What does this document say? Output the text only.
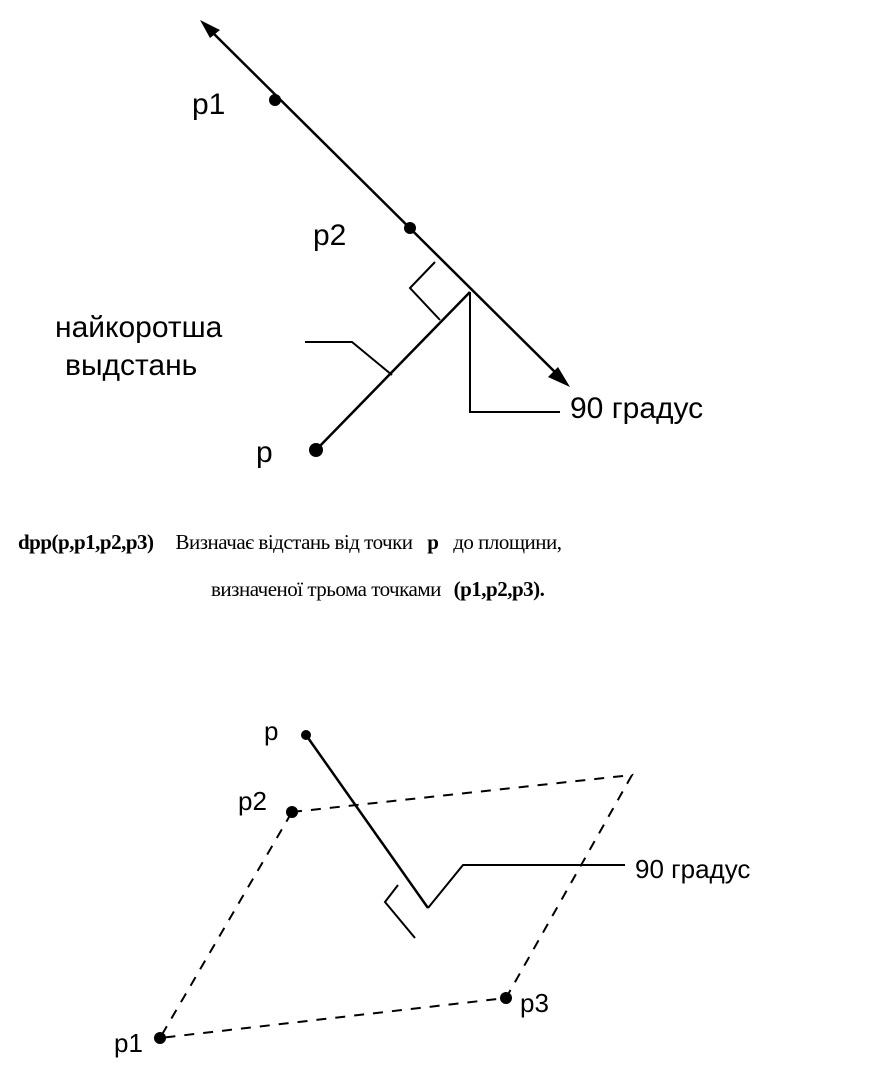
p1
p2
p
найкоротша
выдстань
90 градус
p
p2
p1
p3
90 градус
dpp(p,p1,p2,p3) Визначає відстань від точки p до площини,
визначеної трьома точками (p1,p2,p3).
